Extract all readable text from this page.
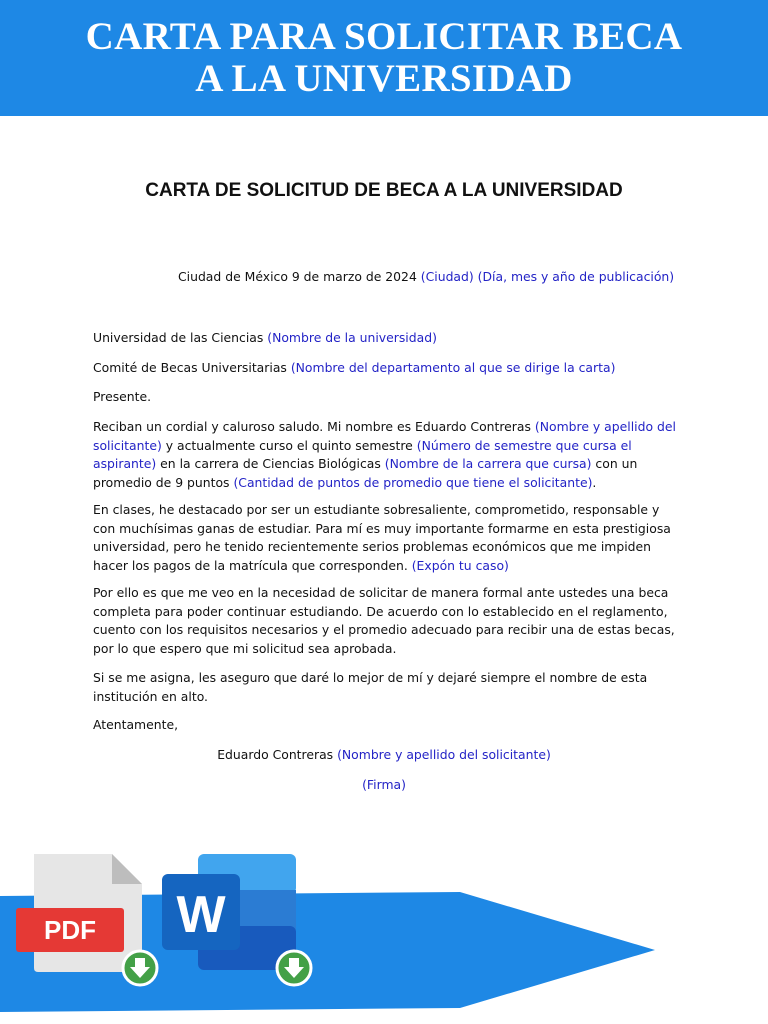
CARTA PARA SOLICITAR BECA
A LA UNIVERSIDAD
CARTA DE SOLICITUD DE BECA A LA UNIVERSIDAD
Ciudad de México 9 de marzo de 2024 (Ciudad) (Día, mes y año de publicación)
Universidad de las Ciencias (Nombre de la universidad)
Comité de Becas Universitarias (Nombre del departamento al que se dirige la carta)
Presente.
Reciban un cordial y caluroso saludo. Mi nombre es Eduardo Contreras (Nombre y apellido del solicitante) y actualmente curso el quinto semestre (Número de semestre que cursa el aspirante) en la carrera de Ciencias Biológicas (Nombre de la carrera que cursa) con un promedio de 9 puntos (Cantidad de puntos de promedio que tiene el solicitante).
En clases, he destacado por ser un estudiante sobresaliente, comprometido, responsable y con muchísimas ganas de estudiar. Para mí es muy importante formarme en esta prestigiosa universidad, pero he tenido recientemente serios problemas económicos que me impiden hacer los pagos de la matrícula que corresponden. (Expón tu caso)
Por ello es que me veo en la necesidad de solicitar de manera formal ante ustedes una beca completa para poder continuar estudiando. De acuerdo con lo establecido en el reglamento, cuento con los requisitos necesarios y el promedio adecuado para recibir una de estas becas, por lo que espero que mi solicitud sea aprobada.
Si se me asigna, les aseguro que daré lo mejor de mí y dejaré siempre el nombre de esta institución en alto.
Atentamente,
Eduardo Contreras (Nombre y apellido del solicitante)
(Firma)
PDF W
